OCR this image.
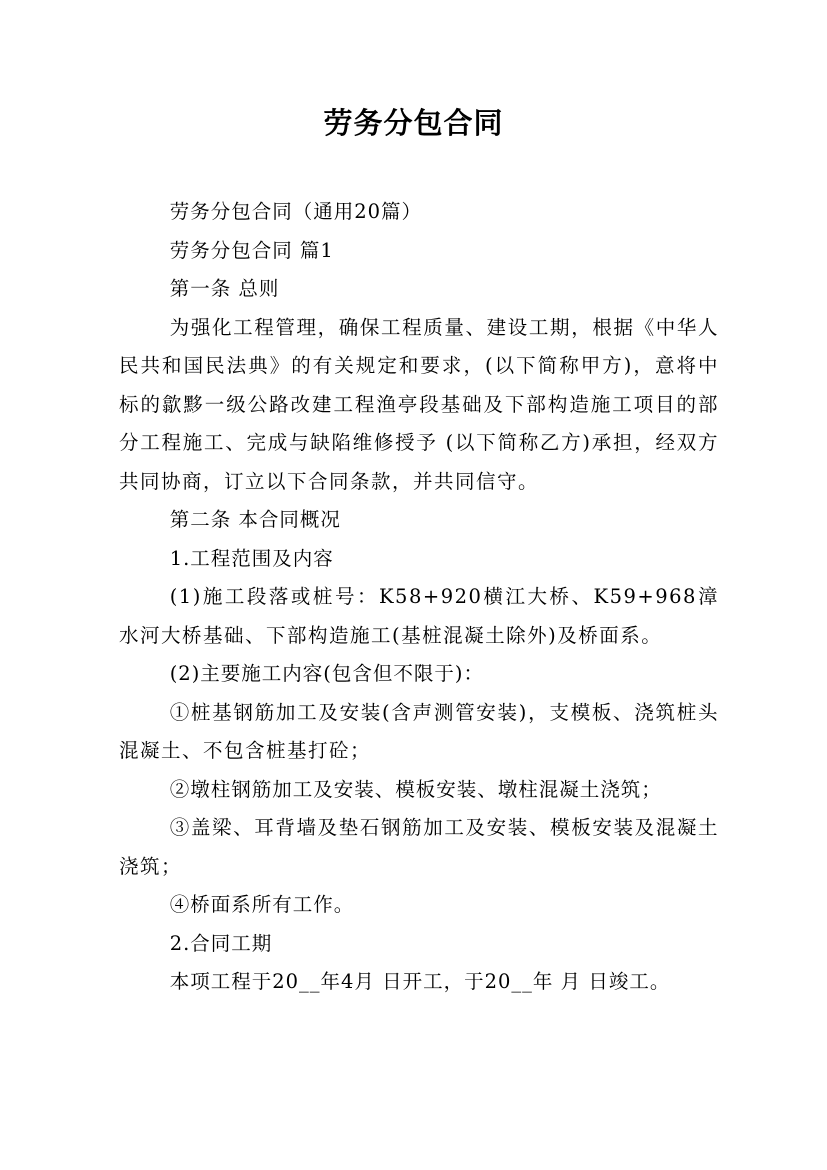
劳务分包合同

劳务分包合同（通用20篇）

劳务分包合同 篇1

第一条 总则

为强化工程管理，确保工程质量、建设工期，根据《中华人民共和国民法典》的有关规定和要求，(以下简称甲方)，意将中标的歙黟一级公路改建工程渔亭段基础及下部构造施工项目的部分工程施工、完成与缺陷维修授予 (以下简称乙方)承担，经双方共同协商，订立以下合同条款，并共同信守。

第二条 本合同概况

1.工程范围及内容

(1)施工段落或桩号：K58+920横江大桥、K59+968漳水河大桥基础、下部构造施工(基桩混凝土除外)及桥面系。

(2)主要施工内容(包含但不限于)：

①桩基钢筋加工及安装(含声测管安装)，支模板、浇筑桩头混凝土、不包含桩基打砼；

②墩柱钢筋加工及安装、模板安装、墩柱混凝土浇筑；

③盖梁、耳背墙及垫石钢筋加工及安装、模板安装及混凝土浇筑；

④桥面系所有工作。

2.合同工期

本项工程于20__年4月 日开工，于20__年 月 日竣工。
